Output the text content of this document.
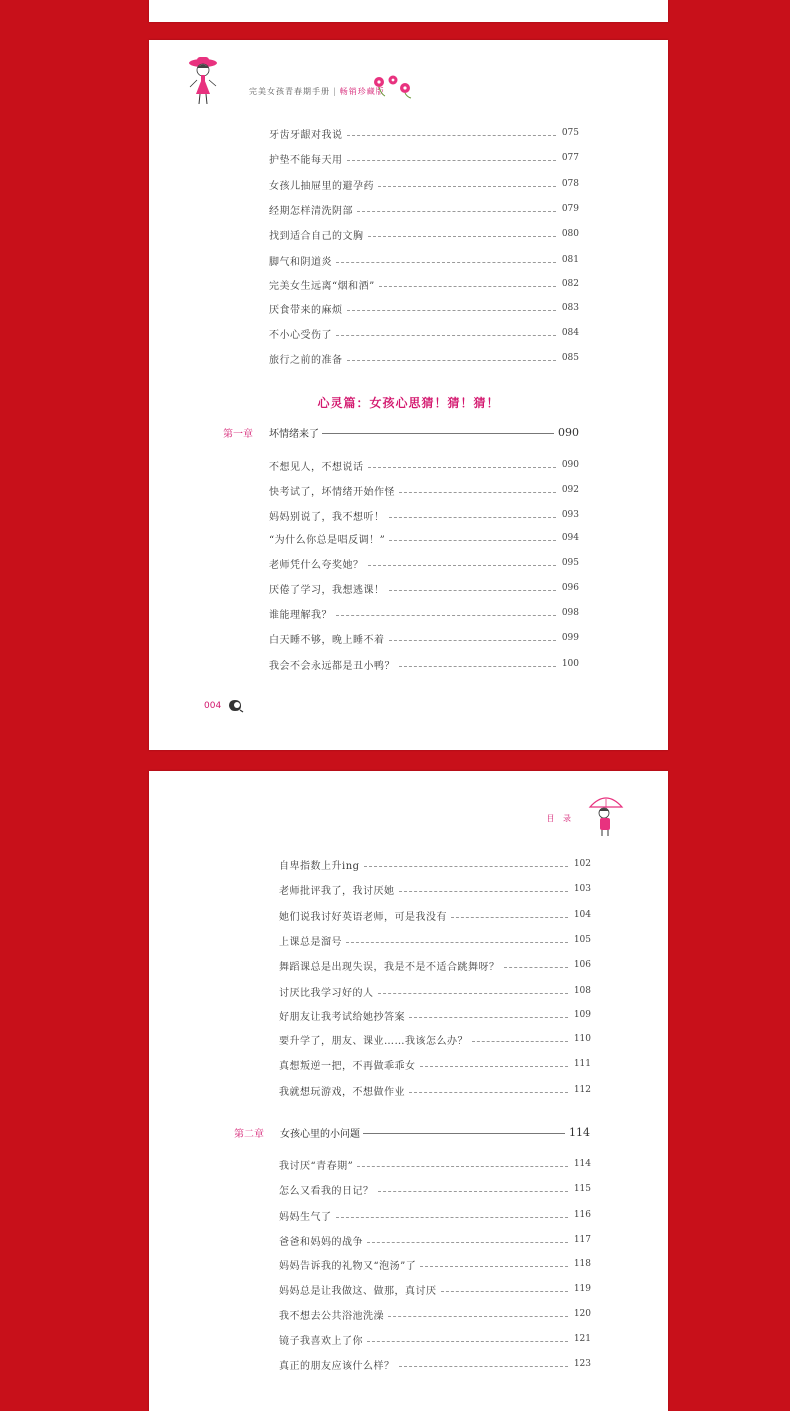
完美女孩青春期手册 | 畅销珍藏版
牙齿牙龈对我说	075
护垫不能每天用	077
女孩儿抽屉里的避孕药	078
经期怎样清洗阴部	079
找到适合自己的文胸	080
脚气和阴道炎	081
完美女生远离“烟和酒”	082
厌食带来的麻烦	083
不小心受伤了	084
旅行之前的准备	085
心灵篇：女孩心思猜！猜！猜！
第一章	坏情绪来了	090
不想见人，不想说话	090
快考试了，坏情绪开始作怪	092
妈妈别说了，我不想听！	093
“为什么你总是唱反调！”	094
老师凭什么夸奖她？	095
厌倦了学习，我想逃课！	096
谁能理解我？	098
白天睡不够，晚上睡不着	099
我会不会永远都是丑小鸭？	100
004
目 录
自卑指数上升ing	102
老师批评我了，我讨厌她	103
她们说我讨好英语老师，可是我没有	104
上课总是溜号	105
舞蹈课总是出现失误，我是不是不适合跳舞呀？	106
讨厌比我学习好的人	108
好朋友让我考试给她抄答案	109
要升学了，朋友、课业……我该怎么办？	110
真想叛逆一把，不再做乖乖女	111
我就想玩游戏，不想做作业	112
第二章	女孩心里的小问题	114
我讨厌“青春期”	114
怎么又看我的日记？	115
妈妈生气了	116
爸爸和妈妈的战争	117
妈妈告诉我的礼物又“泡汤”了	118
妈妈总是让我做这、做那，真讨厌	119
我不想去公共浴池洗澡	120
镜子我喜欢上了你	121
真正的朋友应该什么样？	123
